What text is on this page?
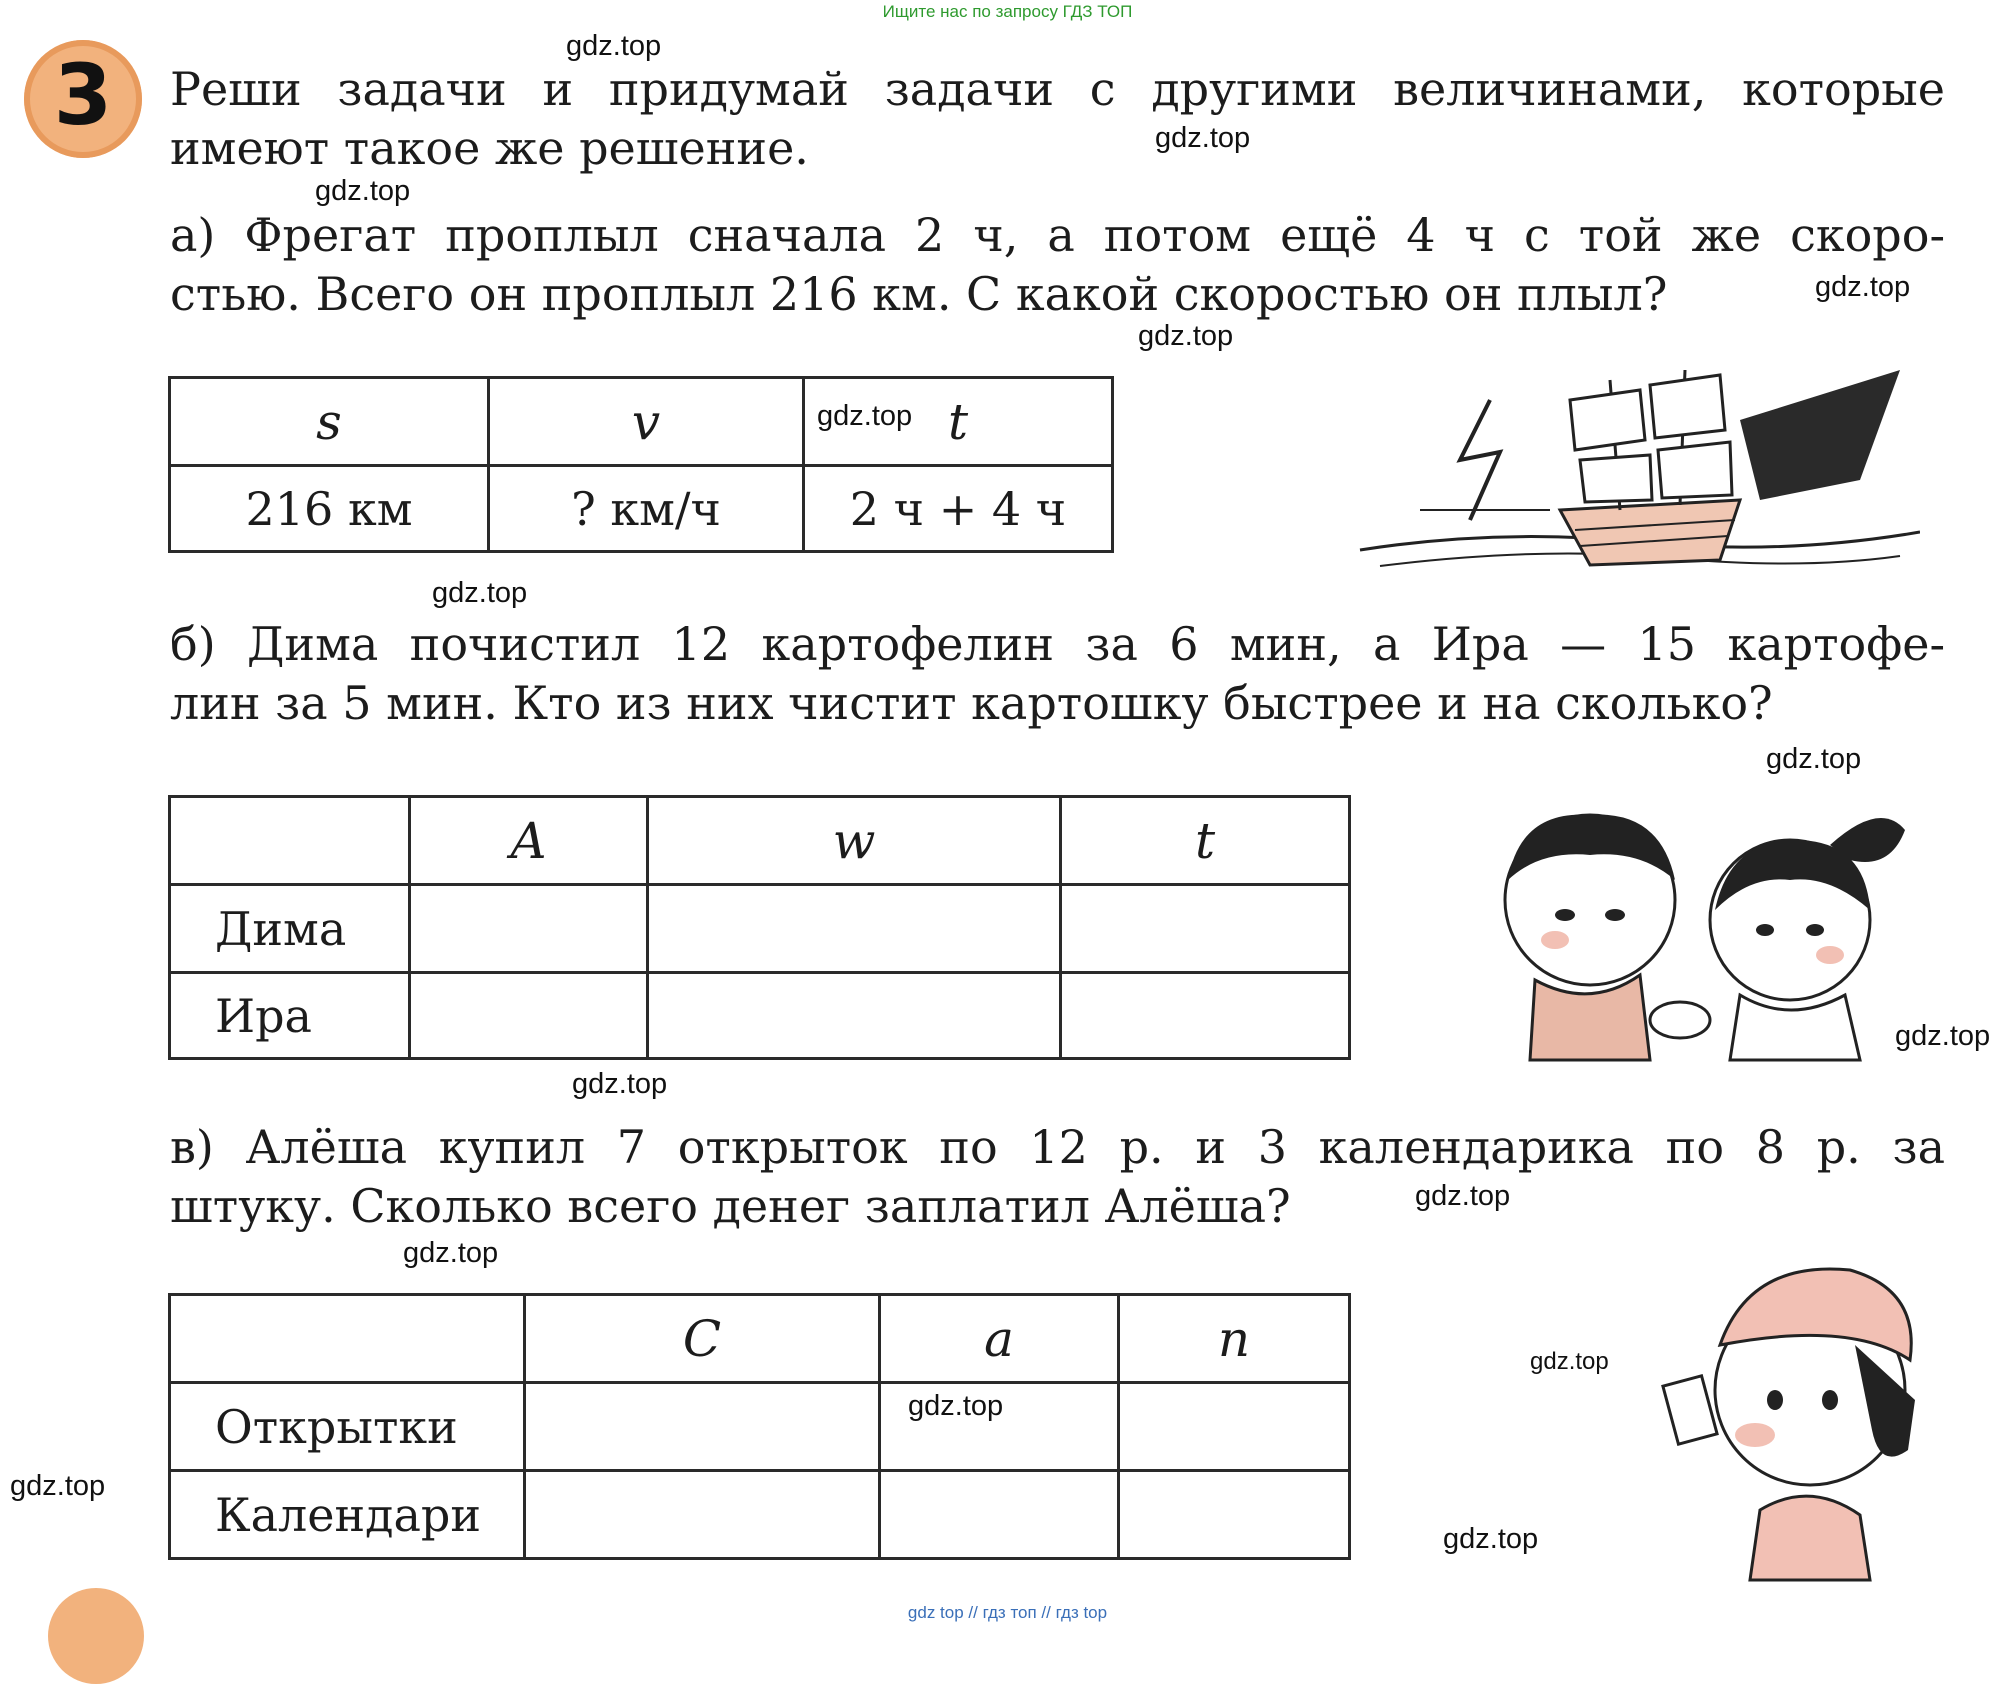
Ищите нас по запросу ГДЗ ТОП
3	Реши задачи и придумай задачи с другими величинами, которые
имеют такое же решение.
а) Фрегат проплыл сначала 2 ч, а потом ещё 4 ч с той же скоро-
стью. Всего он проплыл 216 км. С какой скоростью он плыл?
s	v	t
216 км	? км/ч	2 ч + 4 ч
б) Дима почистил 12 картофелин за 6 мин, а Ира — 15 картофе-
лин за 5 мин. Кто из них чистит картошку быстрее и на сколько?
	A	w	t
Дима			
Ира			
в) Алёша купил 7 открыток по 12 р. и 3 календарика по 8 р. за
штуку. Сколько всего денег заплатил Алёша?
	C	a	n
Открытки			
Календари			
gdz.top
gdz.top
gdz.top
gdz.top
gdz.top
gdz.top
gdz.top
gdz.top
gdz.top
gdz.top
gdz.top
gdz.top
gdz.top
gdz.top
gdz.top
gdz.top
gdz top // гдз топ // гдз top
